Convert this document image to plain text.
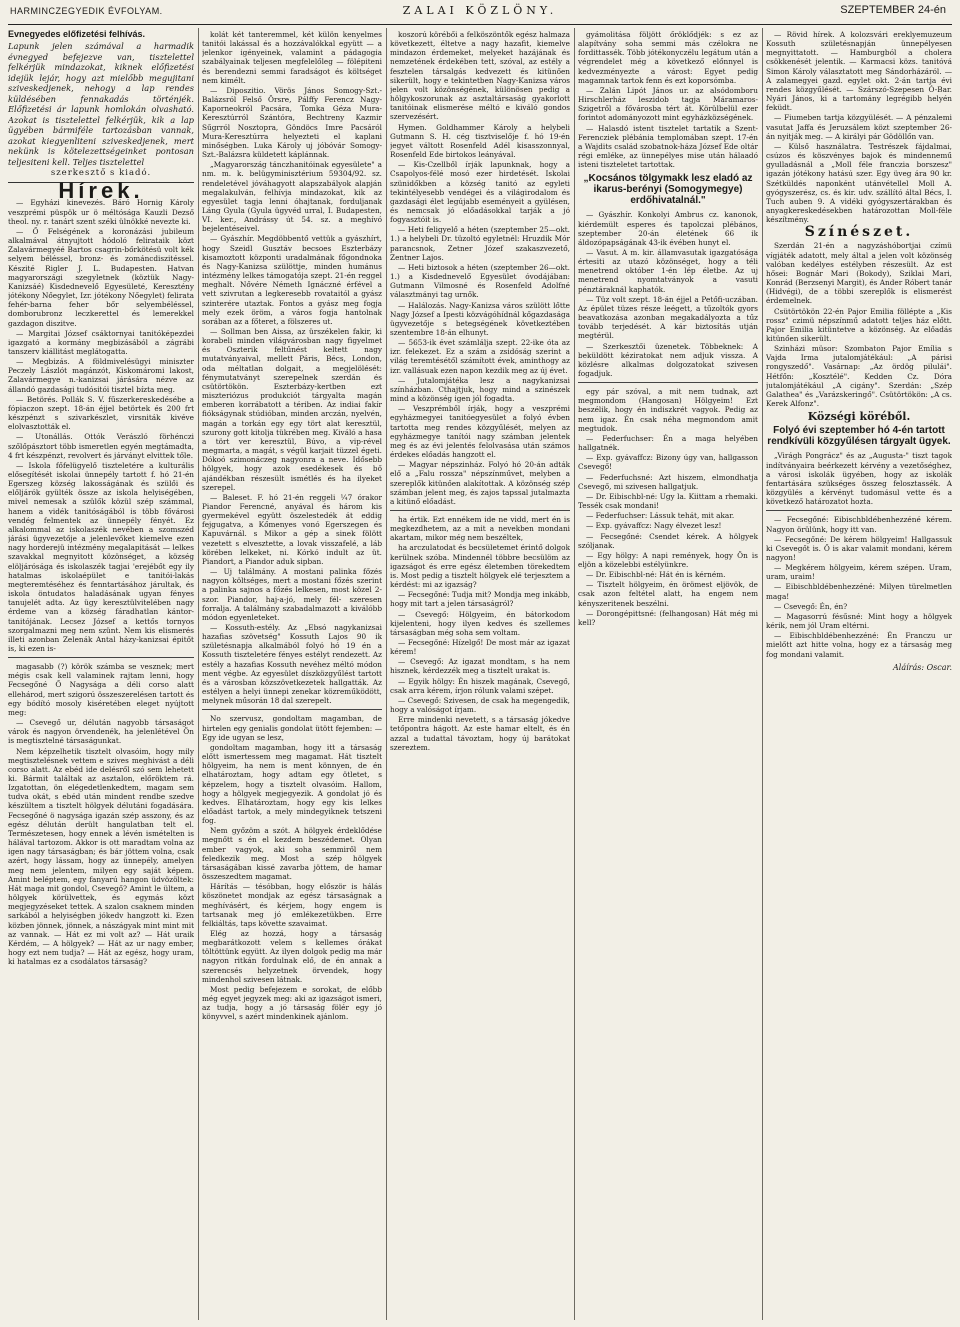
HARMINCZEGYEDIK ÉVFOLYAM.	ZALAI KÖZLÖNY.	SZEPTEMBER 24-én
Évnegyedes előfizetési felhívás.
Lapunk jelen számával a harmadik évnegyed befejezve van, tisztelettel felkérjük mindazokat, kiknek előfizetési idejük lejár, hogy azt mielőbb megujitani sziveskedjenek, nehogy a lap rendes küldésében fennakadás történjék. Előfizetési ár lapunk homlokán olvasható. Azokat is tisztelettel felkérjük, kik a lap ügyében bármiféle tartozásban vannak, azokat kiegyenliteni sziveskedjenek, mert nekünk is kötelezettségeinket pontosan teljesiteni kell. Teljes tisztelettel
szerkesztő s kiadó.
Hírek.

— Egyházi kinevezés. Báró Hornig Károly veszprémi püspök ur ö méltósága Kauzli Dezső theol. ny. r. tanárt szent széki ülnökké nevezte ki.

— Ő Felségének a koronázási jubileum alkalmával átnyujtott hódoló felirataik közt Zalavármegyéé Bartos csagrin-bőrkötésü volt kék selyem béléssel, bronz- és zománcdiszitéssel. Készité Rigler J. L. Budapesten. Hatvan magyarországi szegyletnek (köztük Nagy-Kanizsáé) Kisdednevelő Egyesületé, Keresztény jótékony Nőegylet, Izr. jótékony Nőegylet) felirata fehér-barna feher bőr selyembéléssel, domborubronz leczkerettel és lemerekkel gazdagon diszitve.

— Margitai József csáktornyai tanitóképezdei igazgató a kormány megbizásából a zágrábi tanszerv kiállitást meglátogatta.

— Megbizás. A földmivelésügyi miniszter Peczely Lászlót magánzót, Kiskomáromi lakost, Zalavármegye n.-kanizsai járására nézve az állandó gazdasági tudósitói tisztel bízta meg.

— Betörés. Pollák S. V. fűszerkereskedésébe a fópiaczon szept. 18-án éjjel betörtek és 200 frt készpénzt s szivarkészlet, virsniták kivéve elolvasztották el.

— Utonállás. Ottók Verászló förhénczi szőlőpásztort több ismeretlen egyén megtámadta, 4 frt készpénzt, revolvert és járványt elvittek tőle.

— Iskola főfelügyelő tiszteletére a kulturális elősegítését iskolai ünnepély tartott f. hó 21-én Egerszeg község lakosságának és szülői és előljárók gyülték össze az iskola helyiségében, mivel nemesak a szülők közül szép számmal, hanem a vidék tanitóságából is több fővárosi vendég felmentek az ünnepély fényét. Ez alkalommal az iskolaszék nevében a szomszéd járási ügyvezetője a jelenlevőket kiemelve ezen nagy horderejü intézmény megalapitását — lelkes szavakkal megnyitott közönséget, a község elöljárósága és iskolaszék tagjai 'erejébőt egy ily hatalmas iskolaépület e tanitói-lakás megteremtéséhez és fenntartásához járultak, és iskola öntudatos haladásának ugyan fényes tanujelét adta. Az ügy keresztülvitelében nagy érdeme van a község fáradhatlan kántor-tanitójának. Lecsez József a kettős tornyos szorgalmazni meg nem szünt. Nem kis elismerés illeti azonban Zelenák Antal házy-kanizsai épitőt is, ki ezen is-

magasabb (?) körök számba se vesznek; mert mégis csak kell valaminek rajtam lenni, hogy Fecsegőné Ő Nagysága a déli corso alatt ellehárod, mert szigorú összeszerelésen tartott és egy bódító mosoly kiséretében eleget nyújtott meg:

— Csevegő ur, délután nagyobb társaságot várok és nagyon örvendenék, ha jelenlétével Ön is megtisztelné társaságunkat.

Nem képzelhetik tisztelt olvasóim, hogy mily megtisztelésnek vettem e szives meghivást a déli corso alatt. Az ebéd ide delésről szó sem lehetett ki. Bármit találtak az asztalon, előröktem rá. Izgatottan, ön elégedetlenkedtem, magam sem tudva okát, s ebéd után mindent rendbe szedve készültem a tisztelt hölgyek délutáni fogadására. Fecsegőné ö nagysága igazán szép asszony, és az egész délután derült hangulatban telt el. Természetesen, hogy ennek a lévén ismételten is hálával tartozom. Akkor is ott maradtam volna az igen nagy társaságban; és bár jöttem volna, csak azért, hogy lássam, hogy az ünnepély, amelyen meg nem jelentem, milyen egy saját képem. Amint beléptem, egy fanyarú hangon üdvözöltek: Hát maga mit gondol, Csevegő? Amint le ültem, a hölgyek körülvettek, és egymás közt megjegyzéseket tettek. A szalon csaknem minden sarkából a helyiségben jókedv hangzott ki. Ezen közben jönnek, jönnek, a nászágyak mint mint mit az vannak. — Hát ez mi volt az? — Hát uraik Kérdém, — A hölgyek? — Hát az ur nagy ember, hogy ezt nem tudja? — Hát az egész, hogy uram, ki hatalmas ez a csodálatos társaság?

kolát két tanteremmel, két külön kenyelmes tanitói lakással és a hozzávalókkal együtt — a jelenkor igényeinek, valamint a pádagogia szabályainak teljesen megfelelőleg — fölépiteni és berendezni semmi faradságot és költséget nem kimélt.

— Diposzitio. Vörös János Somogy-Szt.-Balázsról Felső Örsre, Pálffy Ferencz Nagy-Kaporneokról Pacsára, Tomka Géza Mura-Keresztúrról Szántóra, Bechtreny Kazmir Sűgrról Nosztopra, Göndöcs Imre Pacsáról Mura-Keresztúrra helyezteti el kaplani minőségben. Luka Károly uj jóbóvár Somogy-Szt.-Balázsra küldetett káplánnak.

„Magyarország tánczhanitóinak egyesülete" a nm. m. k. belügyminisztérium 59304/92. sz. rendeletével jóváhagyott alapszabályok alapján megalakulván, felhívja mindazokat, kik az egyesület tagja lenni óhajtanak, forduljanak Láng Gyula (Gyula ügyvéd urral, I. Budapesten, VI. ker., Andrássy út 54. sz. a meghívó bejelentéseivel.

— Gyászhír. Megdöbbentő vettük a gyászhírt, hogy Szeidl Gusztáv becsoes Eszterbázy kisamoztott központi uradalmának főgondnoka és Nagy-Kanizsa szülöttje, minden humánus intézmény lelkes támogatója szept. 21-én reggel meghalt. Nővére Németh Ignáczné érfével a vett szivrutan a legkeresebb rovataitól a gyász szinterére utaztak. Fontos a gyász meg fogja mely ezek öröm, a város fogja hantolnak sorában az a főteret, a fölszeres ut.

— Sollman ben Aissa, az ürszékelen fakir, ki korabeli minden világvárosban nagy figyelmet és Oszterik feltűnést keltett nagy mutatványaival, mellett Páris, Bécs, London, oda méltatlan dolgait, a megjelölését: fénymutatványt szerepelnek szerdán és csütörtökön. Eszterbázy-kertben ezt miszteriózus produkciót tárgyalta magán emberen korrábatott a tériben. Az indiai fakír fiókságynak stúdióban, minden arczán, nyelvén, magán a torkán egy egy tört alat keresztül, szurony gott kitolja tükrében meg. Kiváló a hasa a tört ver keresztül, Búvo, a vip-rével megmarta, a magát, s végül karjait tüzzel égeti. Dókoó szimonáczeg nagyonra a neve. Idősebb hölgyek, hogy azok esedékesek és bő ajándékban részesült ismétlés és ha ilyeket szerepel.

— Baleset. F. hó 21-én reggeli ¼7 órakor Piandor Ferencné, anyával és három kis gyermekével együtt öszelestedék át eddig fejgugatva, a Kőmenyes vonó Egerszegen és Kapuvárnál. s Mikor a gép a sinek fölött vezetett s elvesztette, a lovak visszafelé, a láb körében lelkeket, ni. Kórkó indult az üt. Piandort, a Piandor aduk sipban.

— Uj találmány. A mostani palinka főzés nagyon költséges, mert a mostani főzés szerint a palinka sajnos a főzés lelkesen, most közel 2-szor. Piandor, haj-a-jó, mely fél- szeresen forralja. A találmány szabadalmazott a kiválóbb módon egyenleteket.

— Kossuth-estély. Az „Ebsó nagykanizsai hazafias szövetség" Kossuth Lajos 90 ik születésnapja alkalmából folyó hó 19 én a Kossuth tiszteletére fényes estélyt rendezett. Az estély a hazafias Kossuth nevéhez méltó módon ment végbe. Az egyesület díszközgyűlést tartott és a városban közszövetkezetek hallgatták. Az estélyen a helyi ünnepi zenekar közreműködött, melynek műsorán 18 dal szerepelt.

No szervusz, gondoltam magamban, de hirtelen egy genialis gondolat ütött fejemben: — Egy ide ugyan se lesz,

gondoltam magamban, hogy itt a társaság előtt ismertessem meg magamat. Hát tisztelt hölgyeim, ha nem is ment könnyen, de én elhatároztam, hogy adtam egy ötletet, s képzelem, hogy a tisztelt olvasóim. Hallom, hogy a hölgyek megjegyezik. A gondolat jó és kedves. Elhatároztam, hogy egy kis lelkes előadást tartok, a mely mindegyiknek tetszeni fog.

Nem győzöm a szót. A hölgyek érdeklődése megnőtt s én el kezdem beszédemet. Olyan ember vagyok, aki soha semmiről nem feledkezik meg. Most a szép hölgyek társaságában kissé zavarba jöttem, de hamar összeszedtem magamat.

Hárítás — tésóbban, hogy először is hálás köszönetet mondjak az egész társaságnak a meghívásért, és kérjem, hogy engem is tartsanak meg jó emlékezetükben. Erre felkiáltás, taps követte szavaimat.

Elég az hozzá, hogy a társaság megbarátkozott velem s kellemes órákat töltöttünk együtt. Az ilyen dolgok pedig ma már nagyon ritkán fordulnak elő, de én annak a szerencsés helyzetnek örvendek, hogy mindenhol szivesen látnak.

Most pedig befejezem e sorokat, de előbb még egyet jegyzek meg: aki az igazságot ismeri, az tudja, hogy a jó társaság fölér egy jó könyvvel, s azért mindenkinek ajánlom.

koszorú körébői a felköszöntők egész halmaza következett, éltetve a nagy hazafit, kiemelve mindazon érdemeket, melyeket hazájának és nemzetének érdekében tett, szóval, az estély a fesztelen társalgás kedvezett és kitünően sikerült, hogy e tekintetben Nagy-Kanizsa város jelen volt közönségének, különösen pedig a hölgykoszorunak az asztaltársaság gyakorlott tanitóinak elismerése méltó e kiváló gondos szervezésért.

Hymen. Goldhammer Károly a helybeli Gutmann S. H. cég tisztviselője f. hó 19-én jegyet váltott Rosenfeld Adél kisasszonnyal, Rosenfeld Ede birtokos leányával.

— Kis-Czellből írják lapunknak, hogy a Csapolyos-félé mosó ezer hirdetését. Iskolai szünidőkben a község tanitó az egyleti tekintélyesebb vendégei és a világirodalom és gazdasági élet legújabb eseményeit a gyülésen, és nemcsak jó előadásokkal tarják a jó fogyasztóit is.

— Heti feligyelő a héten (szeptember 25—okt. 1.) a helybeli Dr. tüzoltó egyletnél: Hruzdik Mór parancsnok, Zetner Józef szakaszvezető, Zentner Lajos.

— Heti biztosok a héten (szeptember 26—okt. 1.) a Kisdednevelő Egyesület óvodájában: Gutmann Vilmosné és Rosenfeld Adolfné választmányi tag urnők.

— Halálozás. Nagy-Kanizsa város szülött lőtte Nagy József a Ipesti közvágóhídnál kőgazdasága ügyvezetője s betegségének következtében szentembre 18-án elhunyt.

— 5653-ik évet számlálja szept. 22-ike óta az izr. felekezet. Ez a szám a zsidóság szerint a világ teremtésétől számított évek, aminthogy az izr. vallásuak ezen napon kezdik meg az új évet.

— Jutalomjátéka lesz a nagykanizsai színházban. Cthajtjuk, hogy mind a szinészek mind a közönség igen jól fogadta.

— Veszprémből írják, hogy a veszprémi egyházmegyei tanitóegyesület a folyó évben tartotta meg rendes közgyűlését, melyen az egyházmegye tanítói nagy számban jelentek meg és az évi jelentés felolvasása után számos érdekes előadás hangzott el.

— Magyar népszinház. Folyó hó 20-án adták elő a „Falu rossza" népszínművet, melyben a szereplők kitünően alakítottak. A közönség szép számban jelent meg, és zajos tapssal jutalmazta a kitünő előadást.

ha értik. Ezt ennékem ide ne vidd, mert én is megkezdhetem, az a mit a nevekben mondani akartam, mikor még nem beszéltek,

ha arczulatodat és becsületemet érintő dolgok kerülnek szóba. Mindennél többre becsülöm az igazságot és erre egész életemben törekedtem is. Most pedig a tisztelt hölgyek elé terjesztem a kérdést: mi az igazság?

— Fecsegőné: Tudja mit? Mondja meg inkább, hogy mit tart a jelen társaságról?

— Csevegő: Hölgyeim, én bátorkodom kijelenteni, hogy ilyen kedves és szellemes társaságban még soha sem voltam.

— Fecsegőné: Hízelgő! De most már az igazat kérem!

— Csevegő: Az igazat mondtam, s ha nem hisznek, kérdezzék meg a tisztelt urakat is.

— Egyik hölgy: Én hiszek magának, Csevegő, csak arra kérem, írjon rólunk valami szépet.

— Csevegő: Szivesen, de csak ha megengedik, hogy a valóságot írjam.

Erre mindenki nevetett, s a társaság jókedve tetőpontra hágott. Az este hamar eltelt, és én azzal a tudattal távoztam, hogy új barátokat szereztem.

gyámolitása följött őröklődjék: s ez az alapítvány soha semmi más czélokra ne fordittassék. Több jótékonyczélu legátum után a végrendelet még a következő előnnyel is kedvezményezte a várost: Egyet pedig magamnak tartok fenn és ezt koporsómba.

— Zalán Lipót János ur. az alsódomboru Hirschlerház leszidob tagja Máramaros-Szigetről a fővárosba tért át. Körülbelül ezer forintot adományozott mint egyházközségének.

— Halasdó istent tisztelet tartatik a Szent-Ferencziek plébánia templomában szept. 17-én a Wajdits család szobatnok-háza József Ede oltár régi emléke, az ünnepélyes mise után hálaadó isteni tiszteletet tartottak.

„Kocsános tölgymakk lesz eladó az ikarus-berényi (Somogymegye) erdőhivatalnál."

— Gyászhír. Konkolyi Ambrus cz. kanonok, kiérdemült esperes és tapolczai plébános, szeptember 20-án életének 66 ik áldozópapságának 43-ik évében hunyt el.

— Vasut. A m. kir. államvasutak igazgatósága értesiti az utazó közönséget, hogy a téli menetrend október 1-én lép életbe. Az uj menetrend nyomtatványok a vasuti pénztáraknál kaphatók.

— Tüz volt szept. 18-án éjjel a Petőfi-uczában. Az épület tüzes része leégett, a tűzoltók gyors beavatkozása azonban megakadályozta a tűz tovább terjedését. A kár biztosítás utján megtérül.

— Szerkesztői üzenetek. Többeknek: A beküldött kéziratokat nem adjuk vissza. A közlésre alkalmas dolgozatokat szivesen fogadjuk.

egy pár szóval, a mit nem tudnak, azt megmondom (Hangosan) Hölgyeim! Ezt beszélik, hogy én indiszkrét vagyok. Pedig az nem igaz. Én csak néha megmondom amit megtudok.

— Federfuchser: Én a maga helyében hallgatnék.

— Exp. gyávaffcz: Bizony úgy van, hallgasson Csevegő!

— Federfuchsné: Azt hiszem, elmondhatja Csevegő, mi szivesen hallgatjuk.

— Dr. Eibischbl-né: Ugy la. Kiittam a rhemaki. Tessék csak mondani!

— Federfuchser: Lássuk tehát, mit akar.

— Exp. gyávaffcz: Nagy élvezet lesz!

— Fecsegőné: Csendet kérek. A hölgyek szóljanak.

— Egy hölgy: A napi remények, hogy Ön is eljön a közelebbi estélyünkre.

— Dr. Eibischbl-né: Hát én is kérném.

— Tisztelt hölgyeim, én örömest eljövök, de csak azon feltétel alatt, ha engem nem kényszeritenek beszélni.

— Dorongépittsné: (felhangosan) Hát még mi kell?

— Rövid hírek. A kolozsvári ereklyemuzeum Kossuth születésnapján ünnepélyesen megnyittatott. — Hamburgból a cholera csökkenését jelentik. — Karmacsi közs. tanitóvá Simon Károly választatott meg Sándorházáról. — A zalamegyei gazd. egylet okt. 2-án tartja évi rendes közgyűlését. — Szárszó-Szepesen Ó-Bar. Nyári János, ki a tartomány legrégibb helyén feküdt.

— Fiumeben tartja közgyülését. — A pénzalemi vasutat Jaffa és Jeruzsálem közt szeptember 26-án nyitják meg. — A királyi pár Gödöllőn van.

— Külső használatra. Testrészek fájdalmai, csúzos és köszvényes bajok és mindennemű gyulladásnál a „Moll féle franczia borszesz" igazán jótékony hatású szer. Egy üveg ára 90 kr. Szétküldés naponként utánvétellel Moll A. gyógyszerész, cs. és kir. udv. szállító által Bécs, I. Tuch auben 9. A vidéki gyógyszertárakban és anyagkereskedésekben határozottan Moll-féle készítmény.

Színészet.

Szerdán 21-én a nagyzáshóbortjai czímü vígjáték adatott, mely által a jelen volt közönség valóban kedélyes estélyben részesült. Az est hősei: Bognár Mari (Bokody), Sziklai Mari, Konrád (Berzsenyi Margit), és Ander Róbert tanár (Hidvégi), de a többi szereplők is elismerést érdemelnek.

Csütörtökön 22-én Pajor Emilia föllépte a „Kis rossz" czimü népszínmű adatott teljes ház előtt. Pajor Emilia kitüntetve a közönség. Az előadás kitünően sikerült.

Szinházi müsor: Szombaton Pajor Emília s Vajda Irma jutalomjátékául: „A párisi rongyszedő". Vasárnap: „Az ördög pilulái". Hétfőn: „Kosztélé". Kedden Cz. Dóra jutalomjátékául „A cigány". Szerdán: „Szép Galathea" és „Varázskeringő". Csütörtökön: „A cs. Kerek Alfonz".

Községi köréből.
Folyó évi szeptember hó 4-én tartott rendkívüli közgyűlésen tárgyalt ügyek.

„Virágh Pongrácz" és az „Augusta-" tiszt tagok indítványaira beérkezett kérvény a vezetőséghez, a városi iskolák ügyében, hogy az iskolák fentartására szükséges összeg felosztassék. A közgyülés a kérvényt tudomásul vette és a következő határozatot hozta.

— Fecsegőné: Eibischbldébenhezzéné kérem. Nagyon örülünk, hogy itt van.

— Fecsegőné: De kérem hölgyeim! Hallgassuk ki Csevegőt is. Ő is akar valamit mondani, kérem nagyon!

— Megkérem hölgyeim, kérem szépen. Uram, uram, uraim!

— Eibischbldébenhezzéné: Milyen türelmetlen maga!

— Csevegő: Én, én?

— Magasorrú fésűsné: Mint hogy a hölgyek kérik, nem jól Uram eltérni.

— Eibischbldébenhezzéné: Én Franczu ur mielőtt azt hitte volna, hogy ez a társaság meg fog mondani valamit.

Aláírás: Oscar.
